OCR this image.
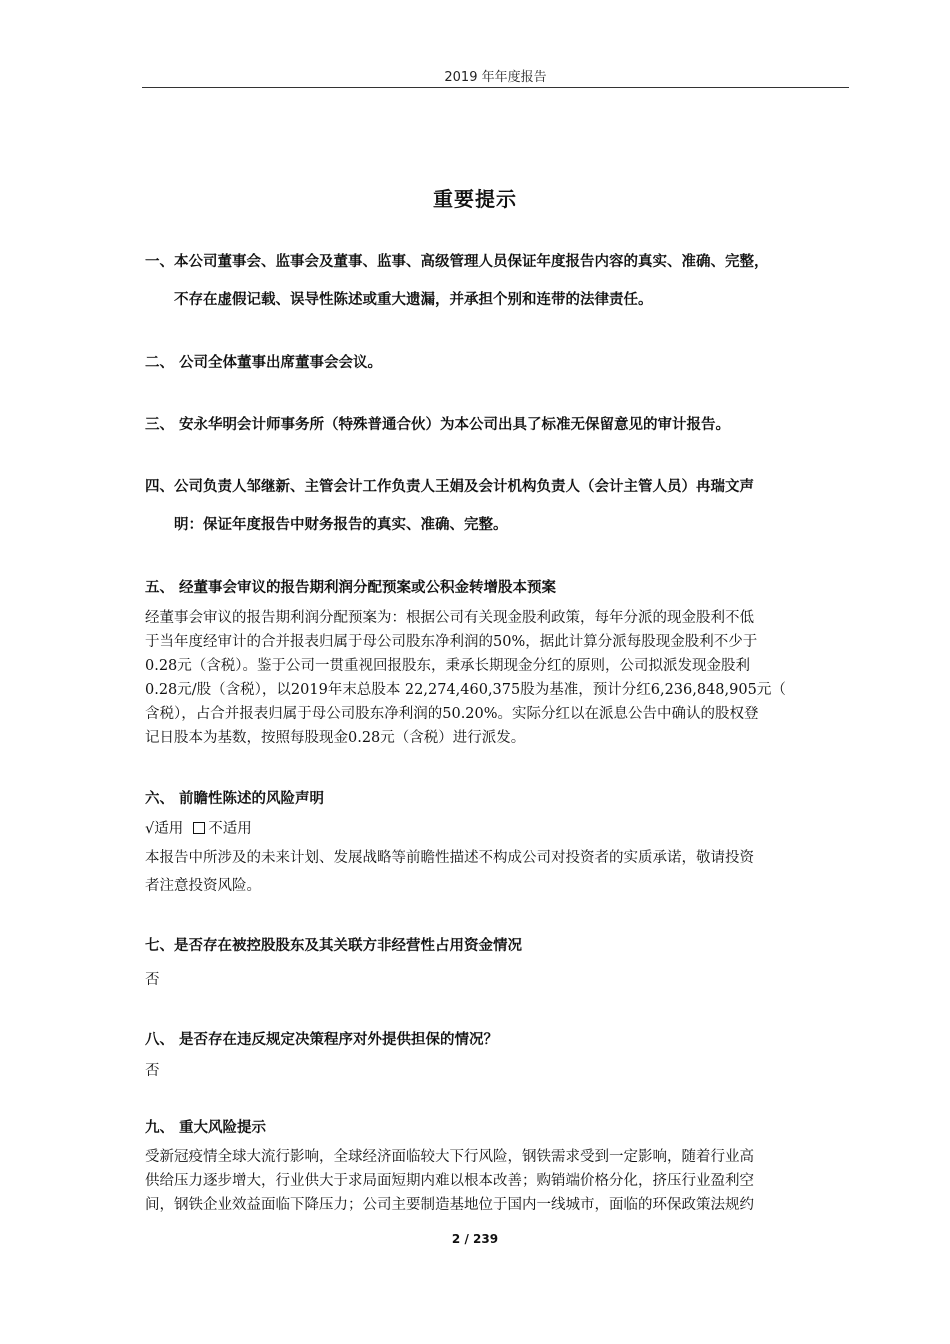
2019 年年度报告
重要提示
一、本公司董事会、监事会及董事、监事、高级管理人员保证年度报告内容的真实、准确、完整，
不存在虚假记载、误导性陈述或重大遗漏，并承担个别和连带的法律责任。
二、 公司全体董事出席董事会会议。
三、 安永华明会计师事务所（特殊普通合伙）为本公司出具了标准无保留意见的审计报告。
四、公司负责人邹继新、主管会计工作负责人王娟及会计机构负责人（会计主管人员）冉瑞文声
明：保证年度报告中财务报告的真实、准确、完整。
五、 经董事会审议的报告期利润分配预案或公积金转增股本预案
经董事会审议的报告期利润分配预案为：根据公司有关现金股利政策，每年分派的现金股利不低
于当年度经审计的合并报表归属于母公司股东净利润的50%，据此计算分派每股现金股利不少于
0.28元（含税）。鉴于公司一贯重视回报股东，秉承长期现金分红的原则，公司拟派发现金股利
0.28元/股（含税），以2019年末总股本 22,274,460,375股为基准，预计分红6,236,848,905元（
含税），占合并报表归属于母公司股东净利润的50.20%。实际分红以在派息公告中确认的股权登
记日股本为基数，按照每股现金0.28元（含税）进行派发。
六、 前瞻性陈述的风险声明
√适用 不适用
本报告中所涉及的未来计划、发展战略等前瞻性描述不构成公司对投资者的实质承诺，敬请投资
者注意投资风险。
七、是否存在被控股股东及其关联方非经营性占用资金情况
否
八、 是否存在违反规定决策程序对外提供担保的情况？
否
九、 重大风险提示
受新冠疫情全球大流行影响，全球经济面临较大下行风险，钢铁需求受到一定影响，随着行业高
供给压力逐步增大，行业供大于求局面短期内难以根本改善；购销端价格分化，挤压行业盈利空
间，钢铁企业效益面临下降压力；公司主要制造基地位于国内一线城市，面临的环保政策法规约
2 / 239
